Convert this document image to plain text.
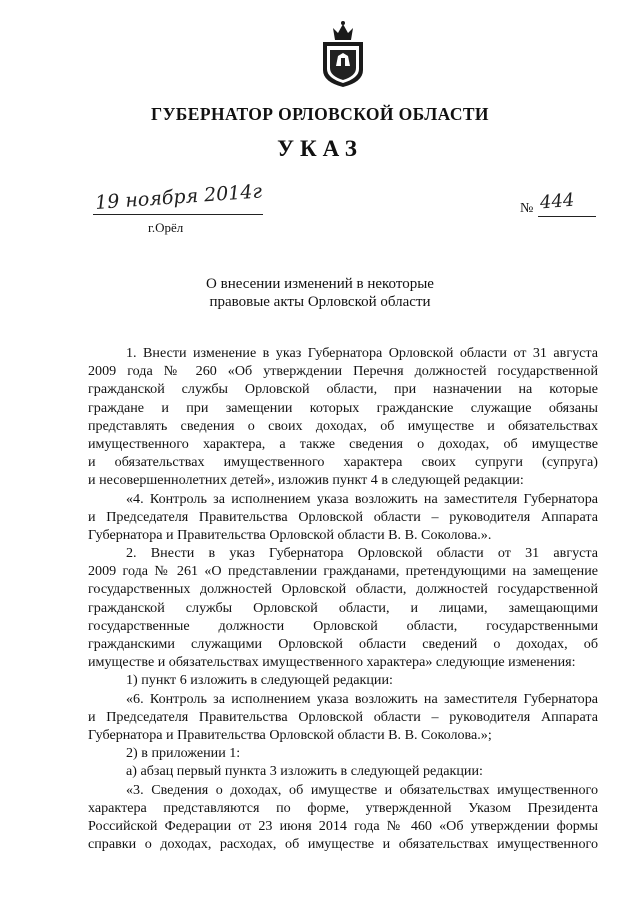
ГУБЕРНАТОР ОРЛОВСКОЙ ОБЛАСТИ
УКАЗ
19 ноября 2014г
г.Орёл
№ 444
О внесении изменений в некоторые
правовые акты Орловской области
1. Внести изменение в указ Губернатора Орловской области от 31 августа
2009 года № 260 «Об утверждении Перечня должностей государственной
гражданской службы Орловской области, при назначении на которые
граждане и при замещении которых гражданские служащие обязаны
представлять сведения о своих доходах, об имуществе и обязательствах
имущественного характера, а также сведения о доходах, об имуществе
и обязательствах имущественного характера своих супруги (супруга)
и несовершеннолетних детей», изложив пункт 4 в следующей редакции:
«4. Контроль за исполнением указа возложить на заместителя Губернатора
и Председателя Правительства Орловской области – руководителя Аппарата
Губернатора и Правительства Орловской области В. В. Соколова.».
2. Внести в указ Губернатора Орловской области от 31 августа
2009 года № 261 «О представлении гражданами, претендующими на замещение
государственных должностей Орловской области, должностей государственной
гражданской службы Орловской области, и лицами, замещающими
государственные должности Орловской области, государственными
гражданскими служащими Орловской области сведений о доходах, об
имуществе и обязательствах имущественного характера» следующие изменения:
1) пункт 6 изложить в следующей редакции:
«6. Контроль за исполнением указа возложить на заместителя Губернатора
и Председателя Правительства Орловской области – руководителя Аппарата
Губернатора и Правительства Орловской области В. В. Соколова.»;
2) в приложении 1:
а) абзац первый пункта 3 изложить в следующей редакции:
«3. Сведения о доходах, об имуществе и обязательствах имущественного
характера представляются по форме, утвержденной Указом Президента
Российской Федерации от 23 июня 2014 года № 460 «Об утверждении формы
справки о доходах, расходах, об имуществе и обязательствах имущественного
